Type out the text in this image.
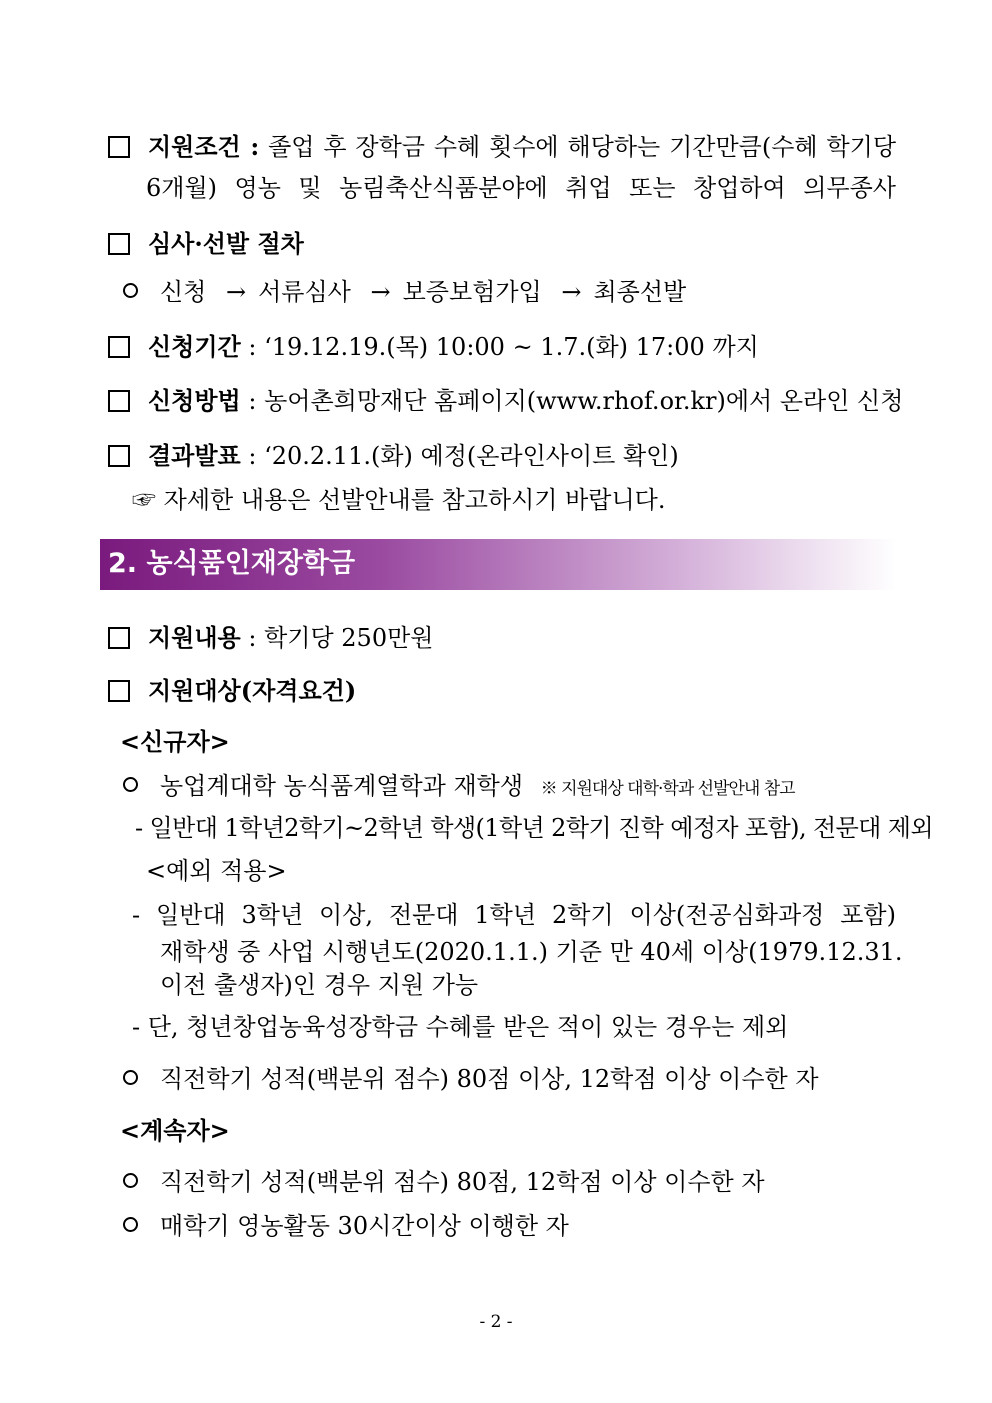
지원조건 : 졸업 후 장학금 수혜 횟수에 해당하는 기간만큼(수혜 학기당
6개월) 영농 및 농림축산식품분야에 취업 또는 창업하여 의무종사
심사·선발 절차
신청 → 서류심사 → 보증보험가입 → 최종선발
신청기간 : ‘19.12.19.(목) 10:00 ~ 1.7.(화) 17:00 까지
신청방법 : 농어촌희망재단 홈페이지(www.rhof.or.kr)에서 온라인 신청
결과발표 : ‘20.2.11.(화) 예정(온라인사이트 확인)
☞ 자세한 내용은 선발안내를 참고하시기 바랍니다.
2. 농식품인재장학금
지원내용 : 학기당 250만원
지원대상(자격요건)
<신규자>
농업계대학 농식품계열학과 재학생 ※ 지원대상 대학·학과 선발안내 참고
- 일반대 1학년2학기~2학년 학생(1학년 2학기 진학 예정자 포함), 전문대 제외
<예외 적용>
- 일반대 3학년 이상, 전문대 1학년 2학기 이상(전공심화과정 포함)
재학생 중 사업 시행년도(2020.1.1.) 기준 만 40세 이상(1979.12.31.
이전 출생자)인 경우 지원 가능
- 단, 청년창업농육성장학금 수혜를 받은 적이 있는 경우는 제외
직전학기 성적(백분위 점수) 80점 이상, 12학점 이상 이수한 자
<계속자>
직전학기 성적(백분위 점수) 80점, 12학점 이상 이수한 자
매학기 영농활동 30시간이상 이행한 자
- 2 -
